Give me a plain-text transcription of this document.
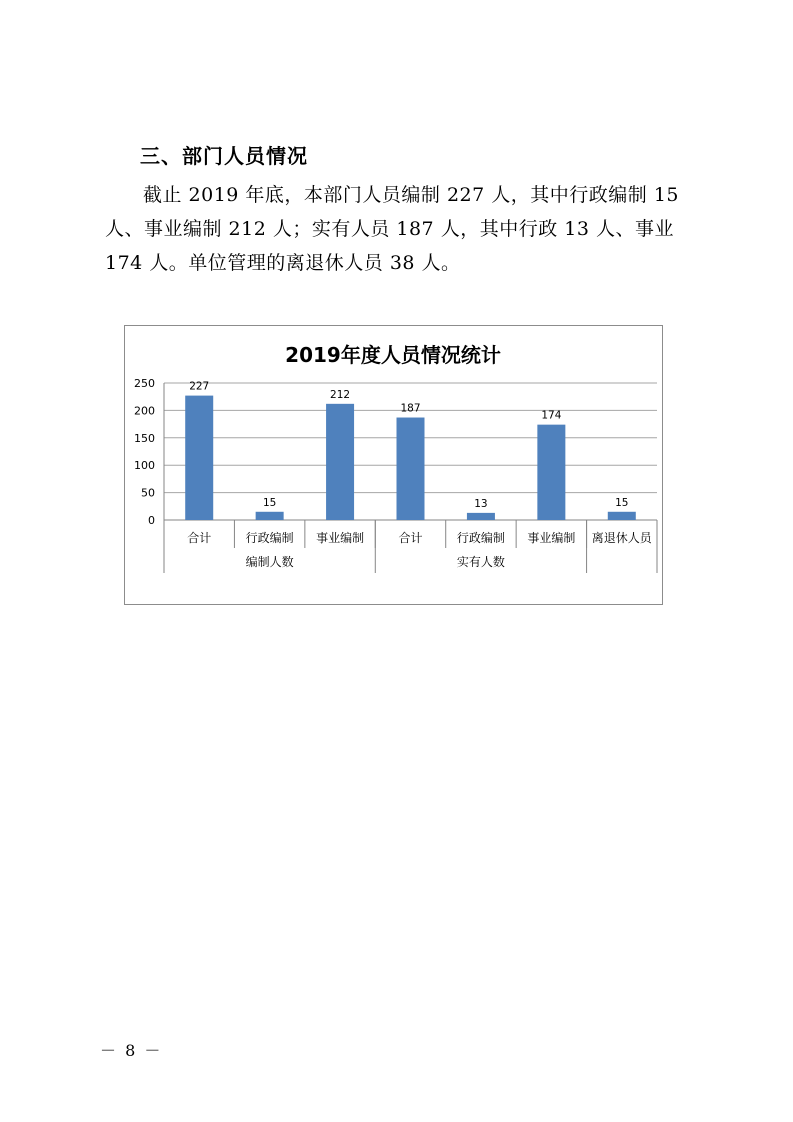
三、部门人员情况
截止 2019 年底，本部门人员编制 227 人，其中行政编制 15
人、事业编制 212 人；实有人员 187 人，其中行政 13 人、事业
174 人。单位管理的离退休人员 38 人。
2019年度人员情况统计
0
50
100
150
200
250	227
合计
15
行政编制
212
事业编制
187
合计
13
行政编制
174
事业编制
15
离退休人员
编制人数	实有人数
－ 8 －
